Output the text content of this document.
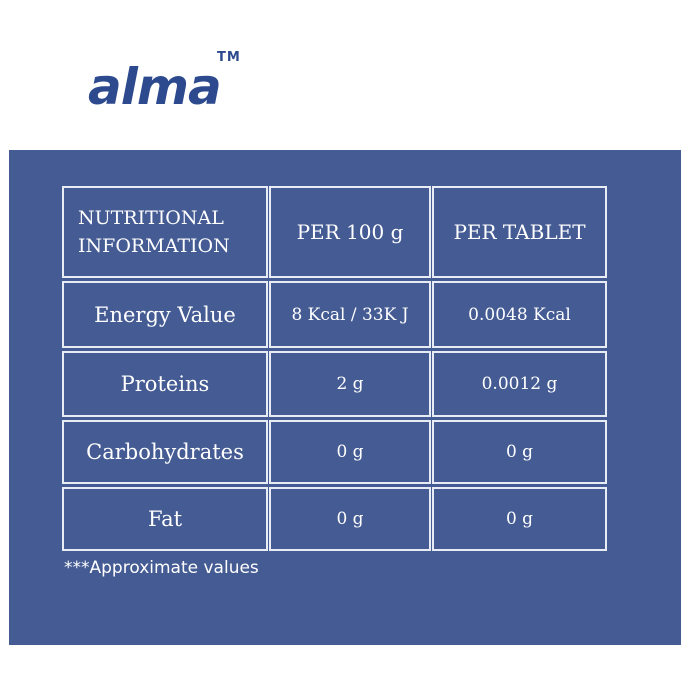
alma
TM
NUTRITIONAL
INFORMATION
PER 100 g	PER TABLET
Energy Value	8 Kcal / 33K J	0.0048 Kcal
Proteins	2 g	0.0012 g
Carbohydrates	0 g	0 g
Fat	0 g	0 g
***Approximate values
